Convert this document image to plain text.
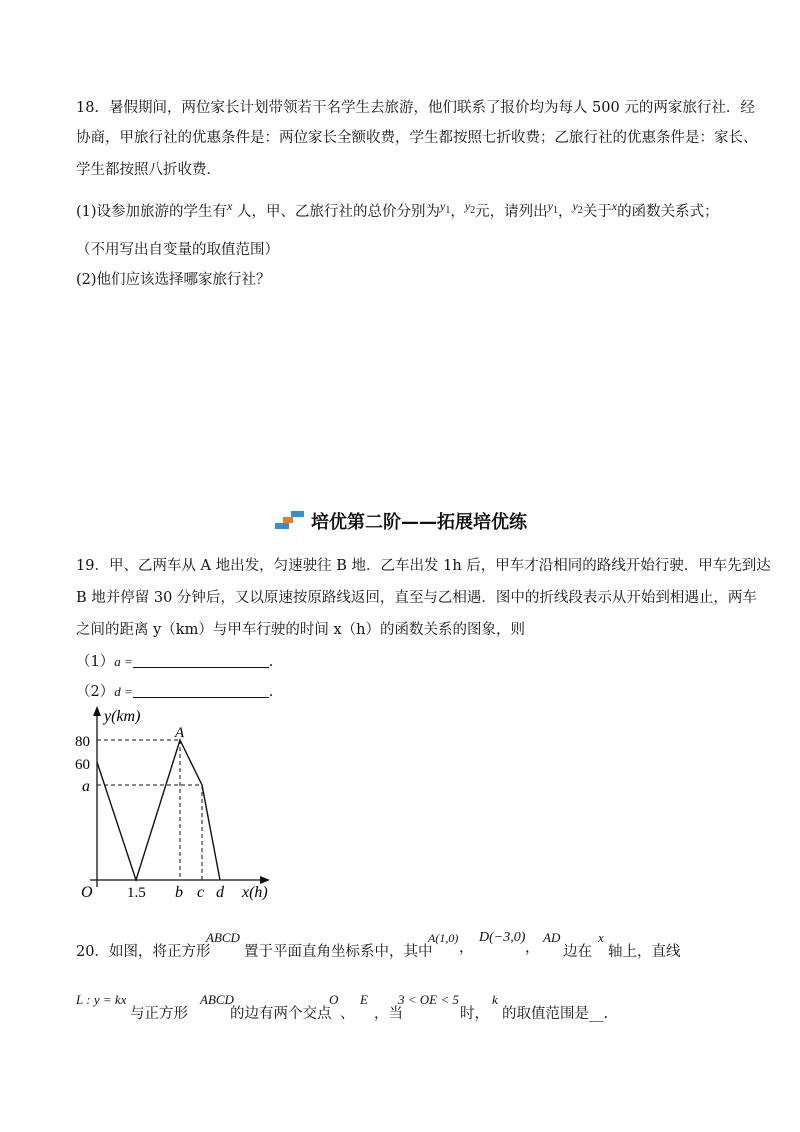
18．暑假期间，两位家长计划带领若干名学生去旅游，他们联系了报价均为每人 500 元的两家旅行社．经
协商，甲旅行社的优惠条件是：两位家长全额收费，学生都按照七折收费；乙旅行社的优惠条件是：家长、
学生都按照八折收费．
(1)设参加旅游的学生有$^x$ 人，甲、乙旅行社的总价分别为$^{y_1}$，$^{y_2}$元，请列出$^{y_1}$，$^{y_2}$关于$^x$的函数关系式；
（不用写出自变量的取值范围）
(2)他们应该选择哪家旅行社？
培优第二阶——拓展培优练
19．甲、乙两车从 A 地出发，匀速驶往 B 地．乙车出发 1h 后，甲车才沿相同的路线开始行驶．甲车先到达
B 地并停留 30 分钟后，又以原速按原路线返回，直至与乙相遇．图中的折线段表示从开始到相遇止，两车
之间的距离 y（km）与甲车行驶的时间 x（h）的函数关系的图象，则
（1）a =	.
（2）d =	.
y(km)
80
60
a
A
O 1.5 b c d x(h)
20．如图，将正方形
ABCD
置于平面直角坐标系中，其中
A(1,0)
，
D(−3,0)
，
AD
边在
x
轴上，直线
L : y = kx
与正方形
ABCD
的边有两个交点
O
、
E
，当
3 < OE < 5
时，
k
的取值范围是__.
